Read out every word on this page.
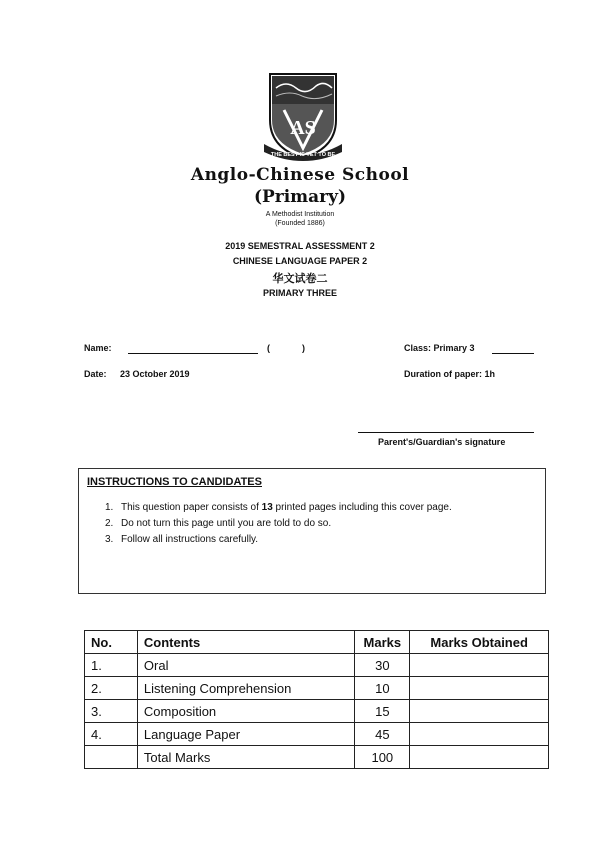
AS
THE BEST IS YET TO BE
Anglo-Chinese School
(Primary)
A Methodist Institution
(Founded 1886)
2019 SEMESTRAL ASSESSMENT 2
CHINESE LANGUAGE PAPER 2
华文试卷二
PRIMARY THREE
Name:	(	)	Class: Primary 3
Date: 23 October 2019	Duration of paper: 1h
Parent's/Guardian's signature
INSTRUCTIONS TO CANDIDATES
1. This question paper consists of 13 printed pages including this cover page.
2. Do not turn this page until you are told to do so.
3. Follow all instructions carefully.
No.	Contents	Marks	Marks Obtained
1.	Oral	30	
2.	Listening Comprehension	10	
3.	Composition	15	
4.	Language Paper	45	
	Total Marks	100	
